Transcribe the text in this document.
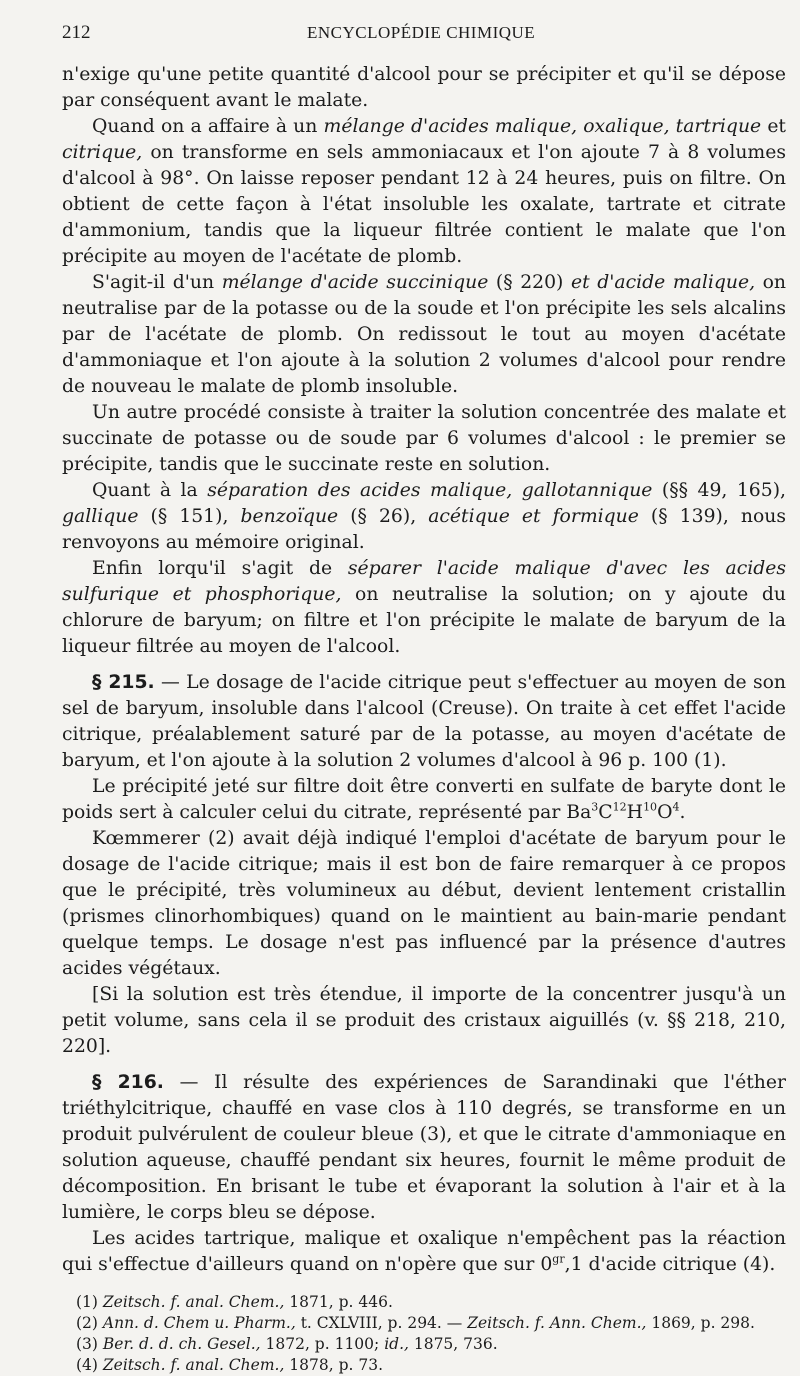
212	ENCYCLOPÉDIE CHIMIQUE

n'exige qu'une petite quantité d'alcool pour se précipiter et qu'il se dépose par conséquent avant le malate.

Quand on a affaire à un mélange d'acides malique, oxalique, tartrique et citrique, on transforme en sels ammoniacaux et l'on ajoute 7 à 8 volumes d'alcool à 98°. On laisse reposer pendant 12 à 24 heures, puis on filtre. On obtient de cette façon à l'état insoluble les oxalate, tartrate et citrate d'ammonium, tandis que la liqueur filtrée contient le malate que l'on précipite au moyen de l'acétate de plomb.

S'agit-il d'un mélange d'acide succinique (§ 220) et d'acide malique, on neutralise par de la potasse ou de la soude et l'on précipite les sels alcalins par de l'acétate de plomb. On redissout le tout au moyen d'acétate d'ammoniaque et l'on ajoute à la solution 2 volumes d'alcool pour rendre de nouveau le malate de plomb insoluble.

Un autre procédé consiste à traiter la solution concentrée des malate et succinate de potasse ou de soude par 6 volumes d'alcool : le premier se précipite, tandis que le succinate reste en solution.

Quant à la séparation des acides malique, gallotannique (§§ 49, 165), gallique (§ 151), benzoïque (§ 26), acétique et formique (§ 139), nous renvoyons au mémoire original.

Enfin lorqu'il s'agit de séparer l'acide malique d'avec les acides sulfurique et phosphorique, on neutralise la solution; on y ajoute du chlorure de baryum; on filtre et l'on précipite le malate de baryum de la liqueur filtrée au moyen de l'alcool.

§ 215. — Le dosage de l'acide citrique peut s'effectuer au moyen de son sel de baryum, insoluble dans l'alcool (Creuse). On traite à cet effet l'acide citrique, préalablement saturé par de la potasse, au moyen d'acétate de baryum, et l'on ajoute à la solution 2 volumes d'alcool à 96 p. 100 (1).

Le précipité jeté sur filtre doit être converti en sulfate de baryte dont le poids sert à calculer celui du citrate, représenté par $Ba^3C^{12}H^{10}O^4$.

Kœmmerer (2) avait déjà indiqué l'emploi d'acétate de baryum pour le dosage de l'acide citrique; mais il est bon de faire remarquer à ce propos que le précipité, très volumineux au début, devient lentement cristallin (prismes clinorhombiques) quand on le maintient au bain-marie pendant quelque temps. Le dosage n'est pas influencé par la présence d'autres acides végétaux.

[Si la solution est très étendue, il importe de la concentrer jusqu'à un petit volume, sans cela il se produit des cristaux aiguillés (v. §§ 218, 210, 220].

§ 216. — Il résulte des expériences de Sarandinaki que l'éther triéthylcitrique, chauffé en vase clos à 110 degrés, se transforme en un produit pulvérulent de couleur bleue (3), et que le citrate d'ammoniaque en solution aqueuse, chauffé pendant six heures, fournit le même produit de décomposition. En brisant le tube et évaporant la solution à l'air et à la lumière, le corps bleu se dépose.

Les acides tartrique, malique et oxalique n'empêchent pas la réaction qui s'effectue d'ailleurs quand on n'opère que sur $0^{gr},1$ d'acide citrique (4).

(1) Zeitsch. f. anal. Chem., 1871, p. 446.

(2) Ann. d. Chem u. Pharm., t. CXLVIII, p. 294. — Zeitsch. f. Ann. Chem., 1869, p. 298.

(3) Ber. d. d. ch. Gesel., 1872, p. 1100; id., 1875, 736.

(4) Zeitsch. f. anal. Chem., 1878, p. 73.
